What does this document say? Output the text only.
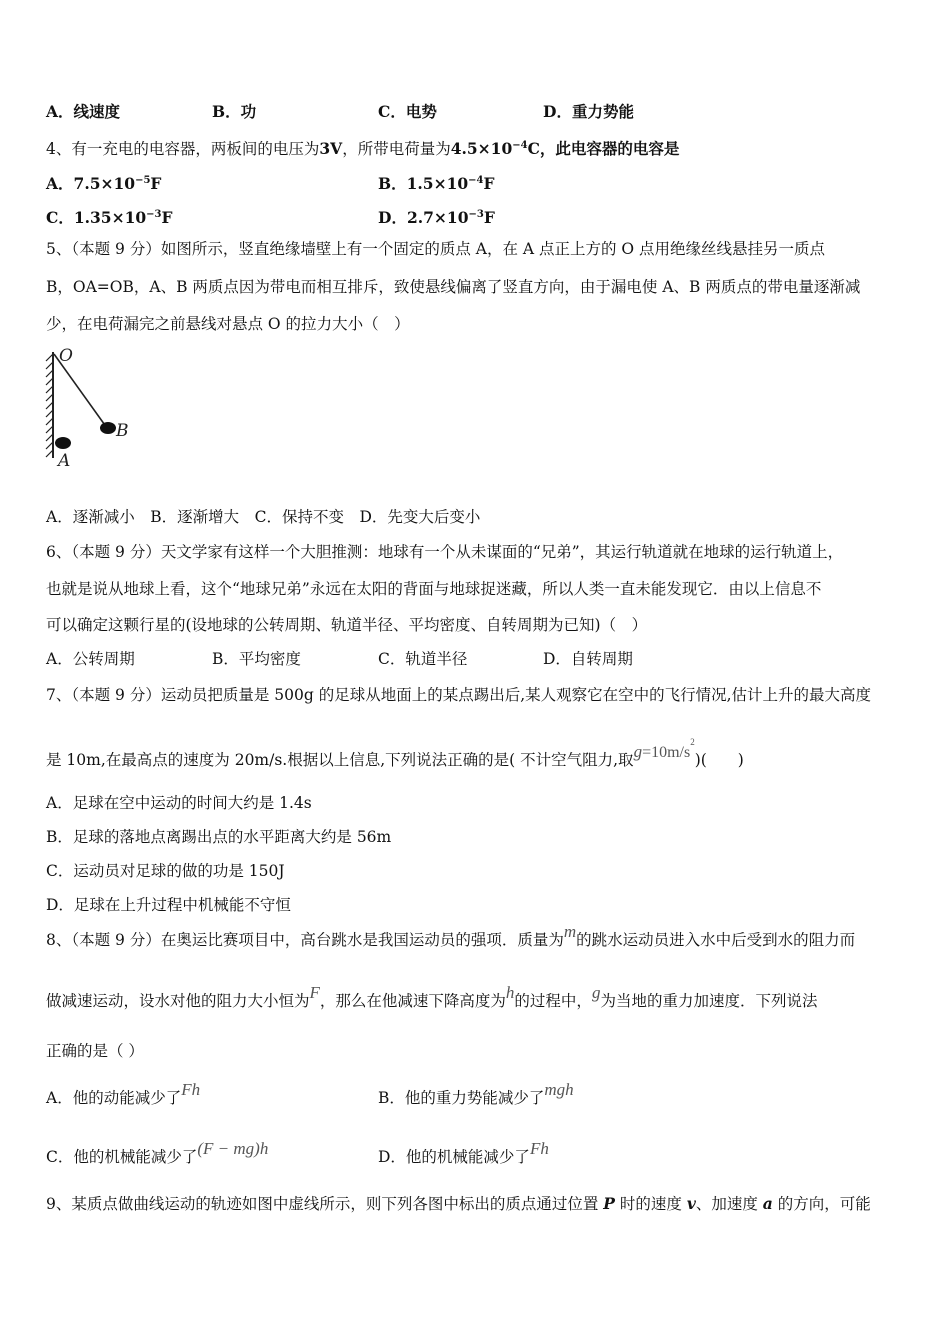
A．线速度	B．功	C．电势	D．重力势能
4、有一充电的电容器，两板间的电压为3V，所带电荷量为$4.5\times 10^{-4}C$，此电容器的电容是
A．$7.5\times 10^{-5}F$	B．$1.5\times 10^{-4}F$
C．$1.35\times 10^{-3}F$	D．$2.7\times 10^{-3}F$
5、（本题 9 分）如图所示，竖直绝缘墙壁上有一个固定的质点 A，在 A 点正上方的 O 点用绝缘丝线悬挂另一质点
B，OA=OB，A、B 两质点因为带电而相互排斥，致使悬线偏离了竖直方向，由于漏电使 A、B 两质点的带电量逐渐减
少，在电荷漏完之前悬线对悬点 O 的拉力大小（　）
O
B
A
A．逐渐减小　B．逐渐增大　C．保持不变　D．先变大后变小
6、（本题 9 分）天文学家有这样一个大胆推测：地球有一个从未谋面的“兄弟”，其运行轨道就在地球的运行轨道上，
也就是说从地球上看，这个“地球兄弟”永远在太阳的背面与地球捉迷藏，所以人类一直未能发现它．由以上信息不
可以确定这颗行星的(设地球的公转周期、轨道半径、平均密度、自转周期为已知)（　）
A．公转周期	B．平均密度	C．轨道半径	D．自转周期
7、（本题 9 分）运动员把质量是 500g 的足球从地面上的某点踢出后,某人观察它在空中的飞行情况,估计上升的最大高度
是 10m,在最高点的速度为 20m/s.根据以上信息,下列说法正确的是( 不计空气阻力,取$g=10m/s^2$)(　　)
A．足球在空中运动的时间大约是 1.4s
B．足球的落地点离踢出点的水平距离大约是 56m
C．运动员对足球的做的功是 150J
D．足球在上升过程中机械能不守恒
8、（本题 9 分）在奥运比赛项目中，高台跳水是我国运动员的强项．质量为m的跳水运动员进入水中后受到水的阻力而
做减速运动，设水对他的阻力大小恒为F，那么在他减速下降高度为h的过程中，g为当地的重力加速度．下列说法
正确的是（ ）
A．他的动能减少了Fh	B．他的重力势能减少了mgh
C．他的机械能减少了(F − mg)h	D．他的机械能减少了Fh
9、某质点做曲线运动的轨迹如图中虚线所示，则下列各图中标出的质点通过位置 P 时的速度 v、加速度 a 的方向，可能
